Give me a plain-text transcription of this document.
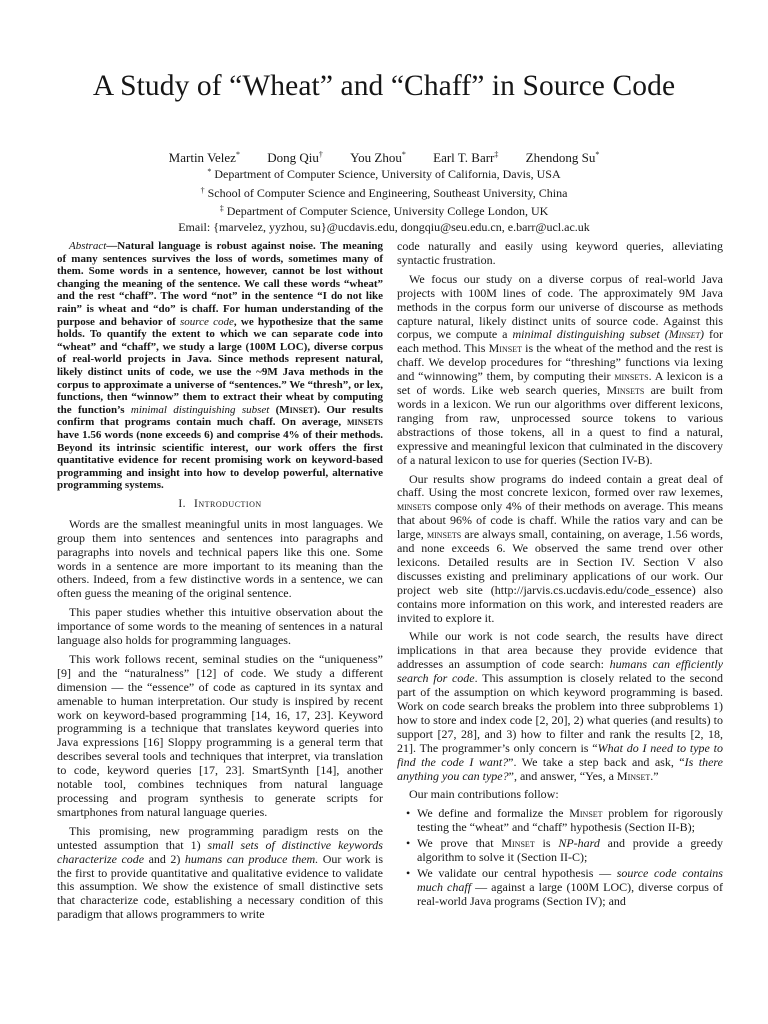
A Study of “Wheat” and “Chaff” in Source Code
Martin Velez* Dong Qiu† You Zhou* Earl T. Barr‡ Zhendong Su*
* Department of Computer Science, University of California, Davis, USA
† School of Computer Science and Engineering, Southeast University, China
‡ Department of Computer Science, University College London, UK
Email: {marvelez, yyzhou, su}@ucdavis.edu, dongqiu@seu.edu.cn, e.barr@ucl.ac.uk

Abstract—Natural language is robust against noise. The meaning of many sentences survives the loss of words, sometimes many of them. Some words in a sentence, however, cannot be lost without changing the meaning of the sentence. We call these words “wheat” and the rest “chaff”. The word “not” in the sentence “I do not like rain” is wheat and “do” is chaff. For human understanding of the purpose and behavior of source code, we hypothesize that the same holds. To quantify the extent to which we can separate code into “wheat” and “chaff”, we study a large (100M LOC), diverse corpus of real-world projects in Java. Since methods represent natural, likely distinct units of code, we use the ~9M Java methods in the corpus to approximate a universe of “sentences.” We “thresh”, or lex, functions, then “winnow” them to extract their wheat by computing the function’s minimal distinguishing subset (Minset). Our results confirm that programs contain much chaff. On average, minsets have 1.56 words (none exceeds 6) and comprise 4% of their methods. Beyond its intrinsic scientific interest, our work offers the first quantitative evidence for recent promising work on keyword-based programming and insight into how to develop powerful, alternative programming systems.

I. Introduction

Words are the smallest meaningful units in most languages. We group them into sentences and sentences into paragraphs and paragraphs into novels and technical papers like this one. Some words in a sentence are more important to its meaning than the others. Indeed, from a few distinctive words in a sentence, we can often guess the meaning of the original sentence.

This paper studies whether this intuitive observation about the importance of some words to the meaning of sentences in a natural language also holds for programming languages.

This work follows recent, seminal studies on the “uniqueness” [9] and the “naturalness” [12] of code. We study a different dimension — the “essence” of code as captured in its syntax and amenable to human interpretation. Our study is inspired by recent work on keyword-based programming [14, 16, 17, 23]. Keyword programming is a technique that translates keyword queries into Java expressions [16] Sloppy programming is a general term that describes several tools and techniques that interpret, via translation to code, keyword queries [17, 23]. SmartSynth [14], another notable tool, combines techniques from natural language processing and program synthesis to generate scripts for smartphones from natural language queries.

This promising, new programming paradigm rests on the untested assumption that 1) small sets of distinctive keywords characterize code and 2) humans can produce them. Our work is the first to provide quantitative and qualitative evidence to validate this assumption. We show the existence of small distinctive sets that characterize code, establishing a necessary condition of this paradigm that allows programmers to write

code naturally and easily using keyword queries, alleviating syntactic frustration.

We focus our study on a diverse corpus of real-world Java projects with 100M lines of code. The approximately 9M Java methods in the corpus form our universe of discourse as methods capture natural, likely distinct units of source code. Against this corpus, we compute a minimal distinguishing subset (Minset) for each method. This Minset is the wheat of the method and the rest is chaff. We develop procedures for “threshing” functions via lexing and “winnowing” them, by computing their minsets. A lexicon is a set of words. Like web search queries, Minsets are built from words in a lexicon. We run our algorithms over different lexicons, ranging from raw, unprocessed source tokens to various abstractions of those tokens, all in a quest to find a natural, expressive and meaningful lexicon that culminated in the discovery of a natural lexicon to use for queries (Section IV-B).

Our results show programs do indeed contain a great deal of chaff. Using the most concrete lexicon, formed over raw lexemes, minsets compose only 4% of their methods on average. This means that about 96% of code is chaff. While the ratios vary and can be large, minsets are always small, containing, on average, 1.56 words, and none exceeds 6. We observed the same trend over other lexicons. Detailed results are in Section IV. Section V also discusses existing and preliminary applications of our work. Our project web site (http://jarvis.cs.ucdavis.edu/code_essence) also contains more information on this work, and interested readers are invited to explore it.

While our work is not code search, the results have direct implications in that area because they provide evidence that addresses an assumption of code search: humans can efficiently search for code. This assumption is closely related to the second part of the assumption on which keyword programming is based. Work on code search breaks the problem into three subproblems 1) how to store and index code [2, 20], 2) what queries (and results) to support [27, 28], and 3) how to filter and rank the results [2, 18, 21]. The programmer’s only concern is “What do I need to type to find the code I want?”. We take a step back and ask, “Is there anything you can type?”, and answer, “Yes, a Minset.”

Our main contributions follow:

• We define and formalize the Minset problem for rigorously testing the “wheat” and “chaff” hypothesis (Section II-B);
• We prove that Minset is NP-hard and provide a greedy algorithm to solve it (Section II-C);
• We validate our central hypothesis — source code contains much chaff — against a large (100M LOC), diverse corpus of real-world Java programs (Section IV); and
